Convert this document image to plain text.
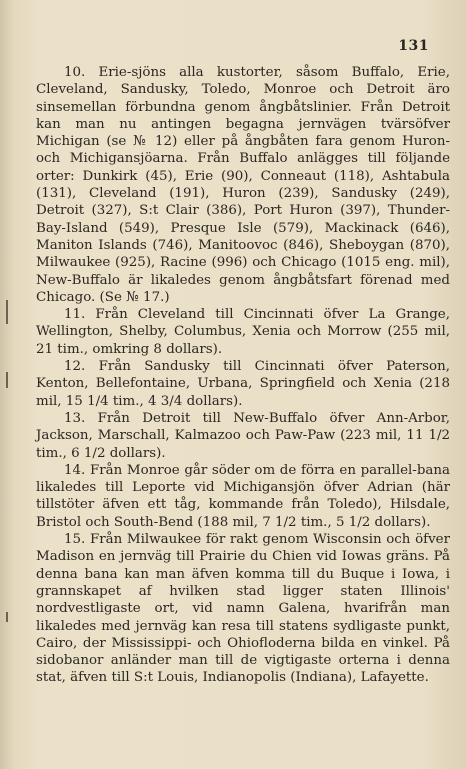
131

10. Erie-sjöns alla kustorter, såsom Buffalo, Erie, Cleveland, Sandusky, Toledo, Monroe och Detroit äro sinsemellan förbundna genom ångbåtslinier. Från Detroit kan man nu antingen begagna jernvägen tvärsöfver Michigan (se № 12) eller på ångbåten fara genom Huron- och Michigansjöarna. Från Buffalo anlägges till följande orter: Dunkirk (45), Erie (90), Conneaut (118), Ashtabula (131), Cleveland (191), Huron (239), Sandusky (249), Detroit (327), S:t Clair (386), Port Huron (397), Thunder-Bay-Island (549), Presque Isle (579), Mackinack (646), Maniton Islands (746), Manitoovoc (846), Sheboygan (870), Milwaukee (925), Racine (996) och Chicago (1015 eng. mil), New-Buffalo är likaledes genom ångbåtsfart förenad med Chicago. (Se № 17.)

11. Från Cleveland till Cincinnati öfver La Grange, Wellington, Shelby, Columbus, Xenia och Morrow (255 mil, 21 tim., omkring 8 dollars).

12. Från Sandusky till Cincinnati öfver Paterson, Kenton, Bellefontaine, Urbana, Springfield och Xenia (218 mil, 15 1/4 tim., 4 3/4 dollars).

13. Från Detroit till New-Buffalo öfver Ann-Arbor, Jackson, Marschall, Kalmazoo och Paw-Paw (223 mil, 11 1/2 tim., 6 1/2 dollars).

14. Från Monroe går söder om de förra en parallel-bana likaledes till Leporte vid Michigansjön öfver Adrian (här tillstöter äfven ett tåg, kommande från Toledo), Hilsdale, Bristol och South-Bend (188 mil, 7 1/2 tim., 5 1/2 dollars).

15. Från Milwaukee för rakt genom Wisconsin och öfver Madison en jernväg till Prairie du Chien vid Iowas gräns. På denna bana kan man äfven komma till du Buque i Iowa, i grannskapet af hvilken stad ligger staten Illinois' nordvestligaste ort, vid namn Galena, hvarifrån man likaledes med jernväg kan resa till statens sydligaste punkt, Cairo, der Mississippi- och Ohiofloderna bilda en vinkel. På sidobanor anländer man till de vigtigaste orterna i denna stat, äfven till S:t Louis, Indianopolis (Indiana), Lafayette.
